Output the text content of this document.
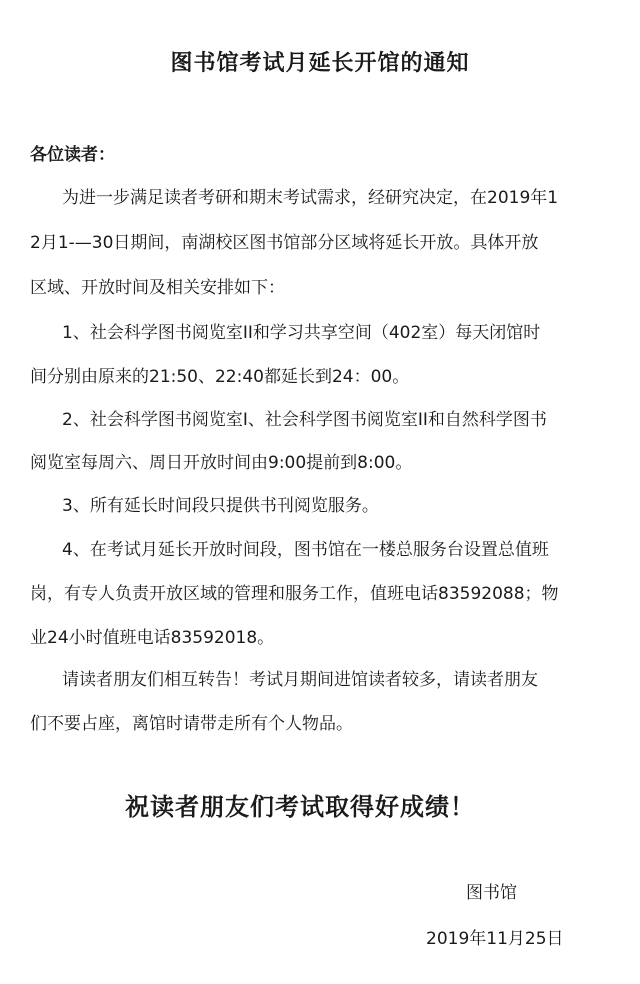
图书馆考试月延长开馆的通知
各位读者：
为进一步满足读者考研和期末考试需求，经研究决定，在2019年1
2月1-—30日期间，南湖校区图书馆部分区域将延长开放。具体开放
区域、开放时间及相关安排如下：
1、社会科学图书阅览室II和学习共享空间（402室）每天闭馆时
间分别由原来的21:50、22:40都延长到24：00。
2、社会科学图书阅览室I、社会科学图书阅览室II和自然科学图书
阅览室每周六、周日开放时间由9:00提前到8:00。
3、所有延长时间段只提供书刊阅览服务。
4、在考试月延长开放时间段，图书馆在一楼总服务台设置总值班
岗，有专人负责开放区域的管理和服务工作，值班电话83592088；物
业24小时值班电话83592018。
请读者朋友们相互转告！考试月期间进馆读者较多，请读者朋友
们不要占座，离馆时请带走所有个人物品。
祝读者朋友们考试取得好成绩！
图书馆
2019年11月25日
